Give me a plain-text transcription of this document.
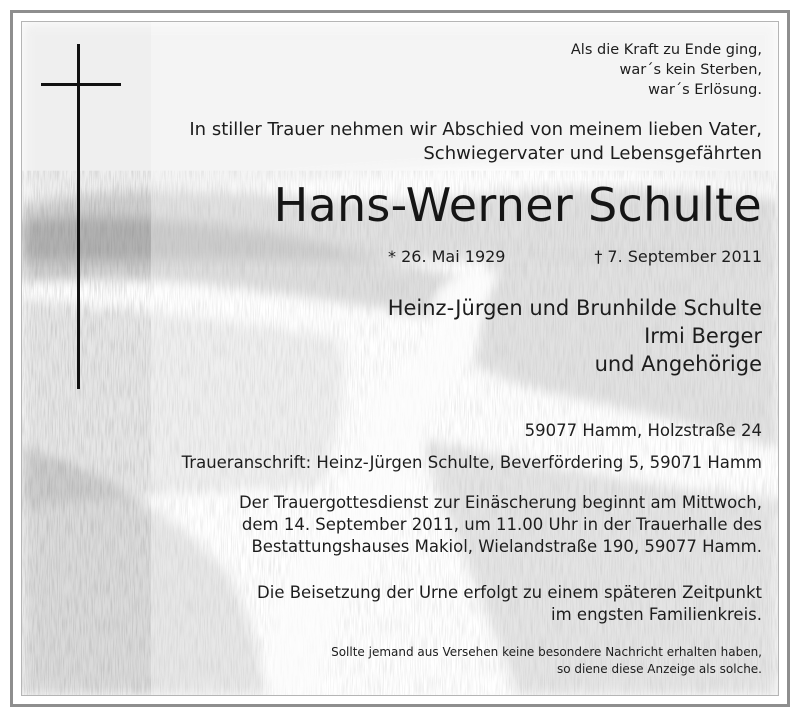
Als die Kraft zu Ende ging,
war´s kein Sterben,
war´s Erlösung.
In stiller Trauer nehmen wir Abschied von meinem lieben Vater,
Schwiegervater und Lebensgefährten
Hans-Werner Schulte
* 26. Mai 1929	† 7. September 2011
Heinz-Jürgen und Brunhilde Schulte
Irmi Berger
und Angehörige
59077 Hamm, Holzstraße 24
Traueranschrift: Heinz-Jürgen Schulte, Beverfördering 5, 59071 Hamm
Der Trauergottesdienst zur Einäscherung beginnt am Mittwoch,
dem 14. September 2011, um 11.00 Uhr in der Trauerhalle des
Bestattungshauses Makiol, Wielandstraße 190, 59077 Hamm.
Die Beisetzung der Urne erfolgt zu einem späteren Zeitpunkt
im engsten Familienkreis.
Sollte jemand aus Versehen keine besondere Nachricht erhalten haben,
so diene diese Anzeige als solche.
